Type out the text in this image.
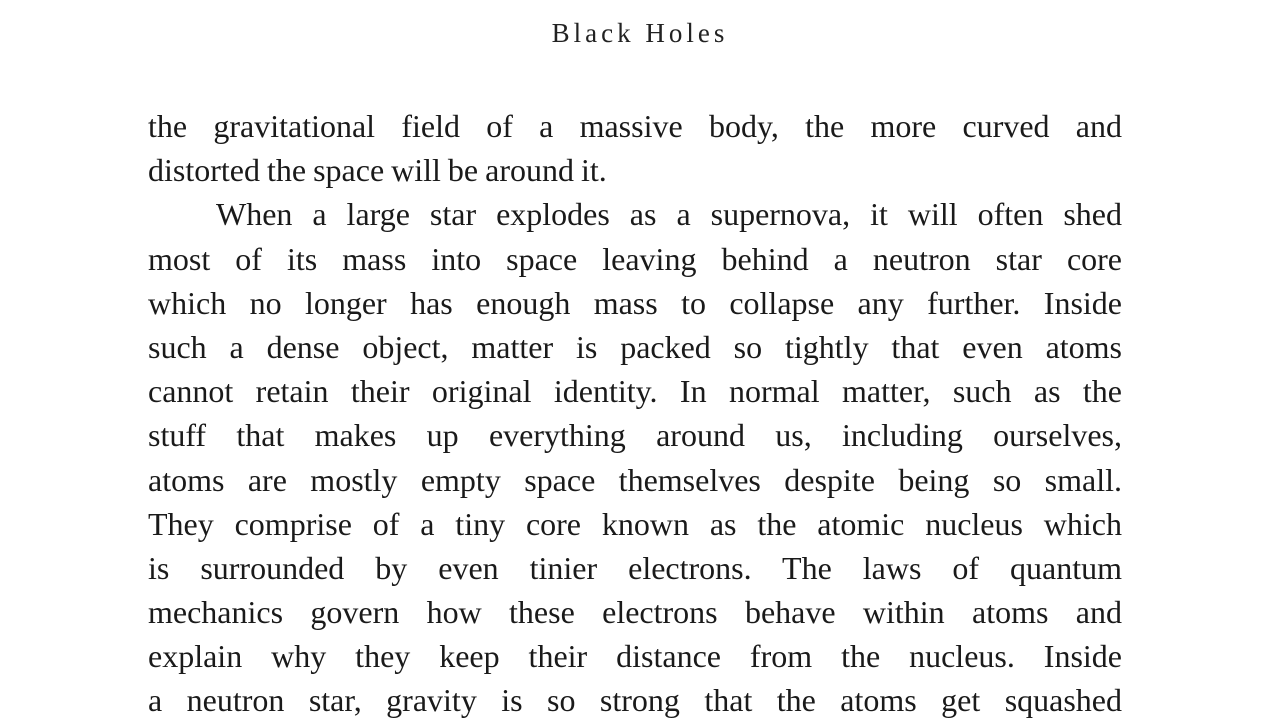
Black Holes
the gravitational field of a massive body, the more curved and
distorted the space will be around it.
When a large star explodes as a supernova, it will often shed
most of its mass into space leaving behind a neutron star core
which no longer has enough mass to collapse any further. Inside
such a dense object, matter is packed so tightly that even atoms
cannot retain their original identity. In normal matter, such as the
stuff that makes up everything around us, including ourselves,
atoms are mostly empty space themselves despite being so small.
They comprise of a tiny core known as the atomic nucleus which
is surrounded by even tinier electrons. The laws of quantum
mechanics govern how these electrons behave within atoms and
explain why they keep their distance from the nucleus. Inside
a neutron star, gravity is so strong that the atoms get squashed
